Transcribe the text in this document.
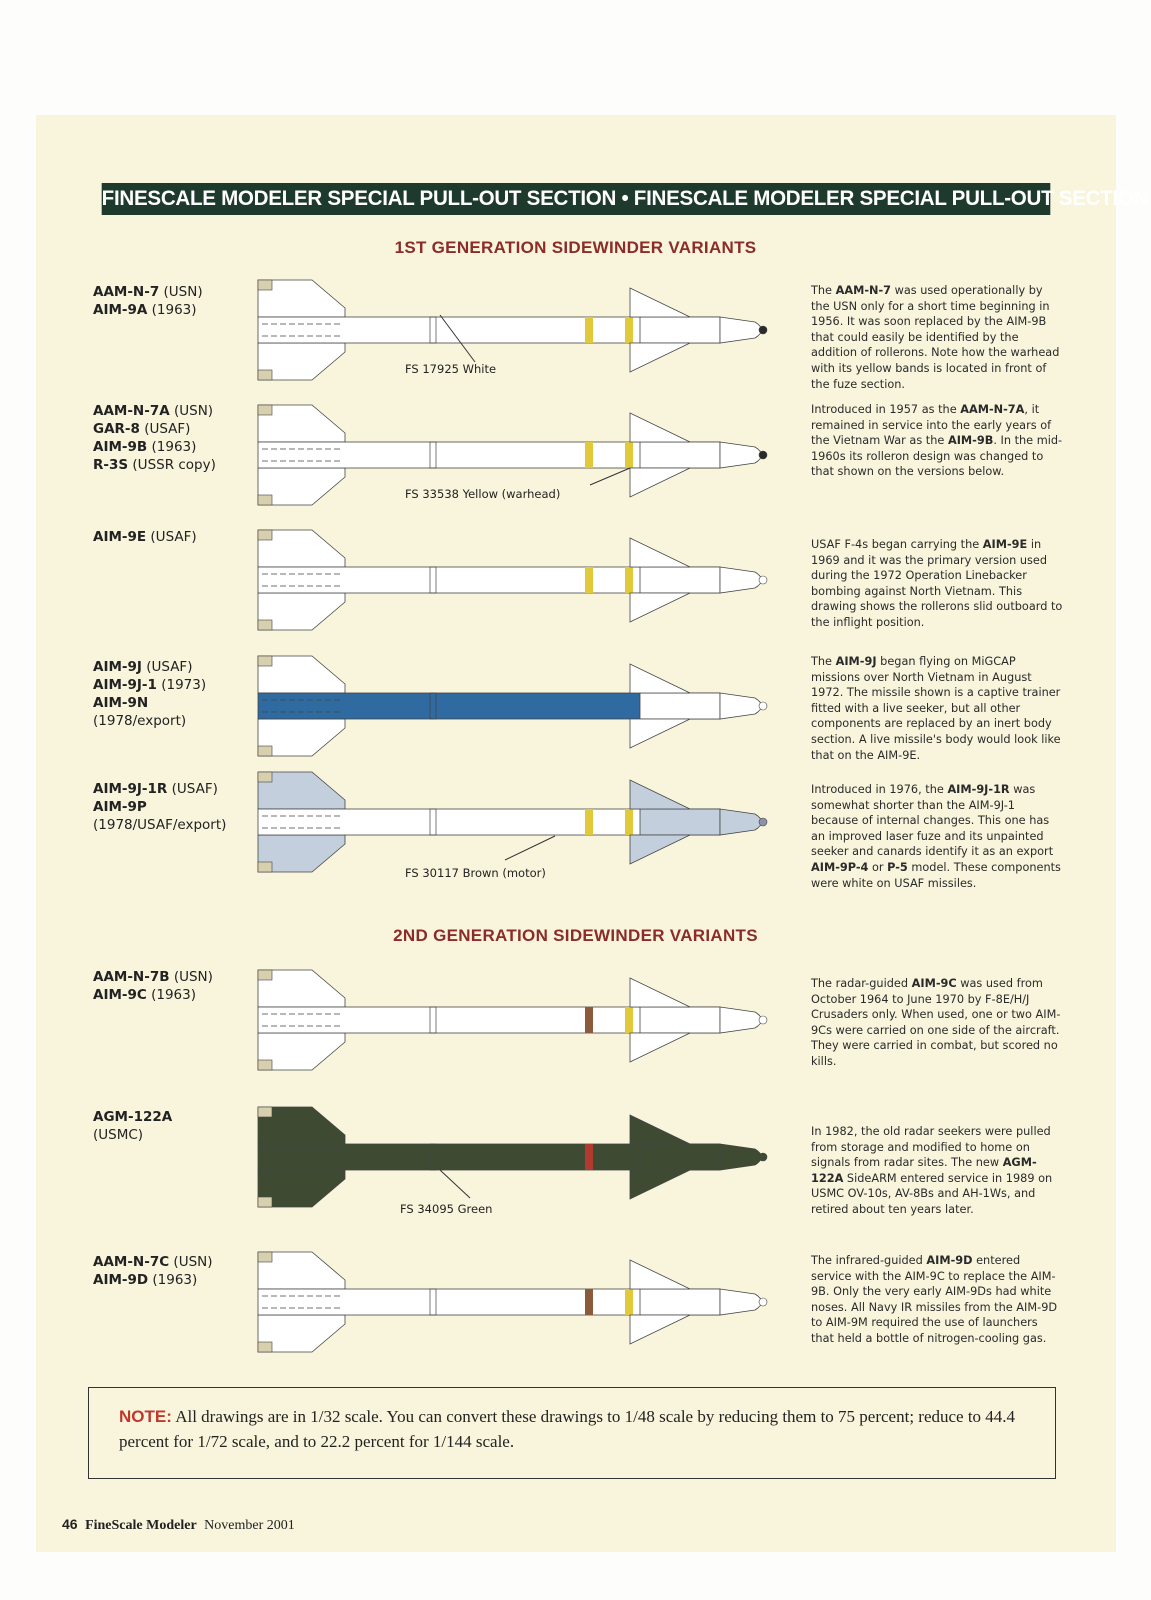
FINESCALE MODELER SPECIAL PULL-OUT SECTION • FINESCALE MODELER SPECIAL PULL-OUT SECTION
1ST GENERATION SIDEWINDER VARIANTS
2ND GENERATION SIDEWINDER VARIANTS
AAM-N-7 (USN)
AIM-9A (1963)
The AAM-N-7 was used operationally by the USN only for a short time beginning in 1956. It was soon replaced by the AIM-9B that could easily be identified by the addition of rollerons. Note how the warhead with its yellow bands is located in front of the fuze section.
FS 17925 White
AAM-N-7A (USN)
GAR-8 (USAF)
AIM-9B (1963)
R-3S (USSR copy)
Introduced in 1957 as the AAM-N-7A, it remained in service into the early years of the Vietnam War as the AIM-9B. In the mid-1960s its rolleron design was changed to that shown on the versions below.
FS 33538 Yellow (warhead)
AIM-9E (USAF)	USAF F-4s began carrying the AIM-9E in 1969 and it was the primary version used during the 1972 Operation Linebacker bombing against North Vietnam. This drawing shows the rollerons slid outboard to the inflight position.
AIM-9J (USAF)
AIM-9J-1 (1973)
AIM-9N
(1978/export)
The AIM-9J began flying on MiGCAP missions over North Vietnam in August 1972. The missile shown is a captive trainer fitted with a live seeker, but all other components are replaced by an inert body section. A live missile's body would look like that on the AIM-9E.
AIM-9J-1R (USAF)
AIM-9P
(1978/USAF/export)
Introduced in 1976, the AIM-9J-1R was somewhat shorter than the AIM-9J-1 because of internal changes. This one has an improved laser fuze and its unpainted seeker and canards identify it as an export AIM-9P-4 or P-5 model. These components were white on USAF missiles.
FS 30117 Brown (motor)
AAM-N-7B (USN)
AIM-9C (1963)
The radar-guided AIM-9C was used from October 1964 to June 1970 by F-8E/H/J Crusaders only. When used, one or two AIM-9Cs were carried on one side of the aircraft. They were carried in combat, but scored no kills.
AGM-122A
(USMC)	In 1982, the old radar seekers were pulled from storage and modified to home on signals from radar sites. The new AGM-122A SideARM entered service in 1989 on USMC OV-10s, AV-8Bs and AH-1Ws, and retired about ten years later.
FS 34095 Green
AAM-N-7C (USN)
AIM-9D (1963)
The infrared-guided AIM-9D entered service with the AIM-9C to replace the AIM-9B. Only the very early AIM-9Ds had white noses. All Navy IR missiles from the AIM-9D to AIM-9M required the use of launchers that held a bottle of nitrogen-cooling gas.
NOTE: All drawings are in 1/32 scale. You can convert these drawings to 1/48 scale by reducing them to 75 percent; reduce to 44.4 percent for 1/72 scale, and to 22.2 percent for 1/144 scale.
46 FineScale Modeler November 2001
